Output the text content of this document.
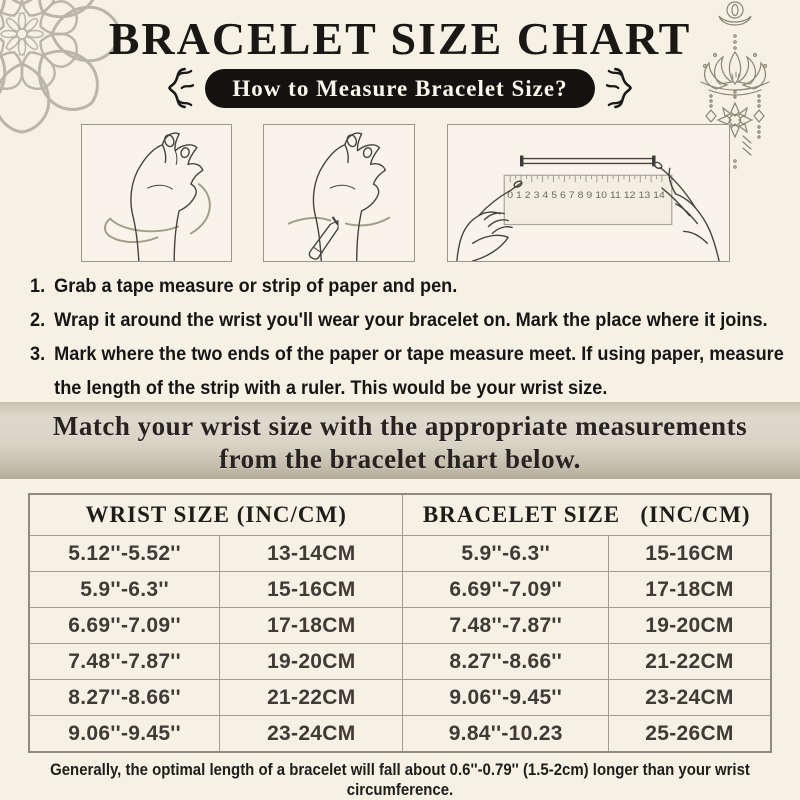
BRACELET SIZE CHART
How to Measure Bracelet Size?
0 1 2 3 4 5 6 7 8 9 10 11 12 13 14
1. Grab a tape measure or strip of paper and pen.
2. Wrap it around the wrist you'll wear your bracelet on. Mark the place where it joins.
3. Mark where the two ends of the paper or tape measure meet. If using paper, measure
the length of the strip with a ruler. This would be your wrist size.
Match your wrist size with the appropriate measurements
from the bracelet chart below.
WRIST SIZE (INC/CM)		BRACELET SIZE   (INC/CM)	
5.12''-5.52''	13-14CM	5.9''-6.3''	15-16CM
5.9''-6.3''	15-16CM	6.69''-7.09''	17-18CM
6.69''-7.09''	17-18CM	7.48''-7.87''	19-20CM
7.48''-7.87''	19-20CM	8.27''-8.66''	21-22CM
8.27''-8.66''	21-22CM	9.06''-9.45''	23-24CM
9.06''-9.45''	23-24CM	9.84''-10.23	25-26CM
Generally, the optimal length of a bracelet will fall about 0.6''-0.79'' (1.5-2cm) longer than your wrist circumference.
